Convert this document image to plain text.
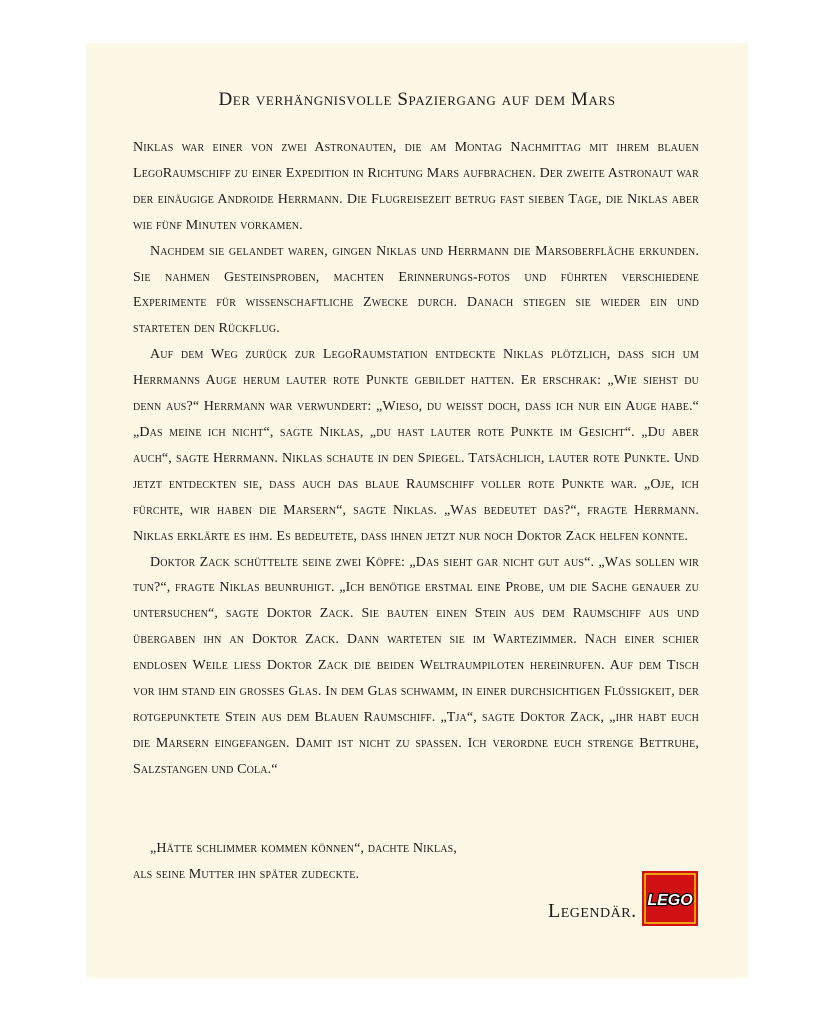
Der verhängnisvolle Spaziergang auf dem Mars

Niklas war einer von zwei Astronauten, die am Montag Nachmittag mit ihrem blauen LegoRaumschiff zu einer Expedition in Richtung Mars aufbrachen. Der zweite Astronaut war der einäugige Androide Herrmann. Die Flugreisezeit betrug fast sieben Tage, die Niklas aber wie fünf Minuten vorkamen.

Nachdem sie gelandet waren, gingen Niklas und Herrmann die Marsoberfläche erkunden. Sie nahmen Gesteinsproben, machten Erinnerungs-fotos und führten verschiedene Experimente für wissenschaftliche Zwecke durch. Danach stiegen sie wieder ein und starteten den Rückflug.

Auf dem Weg zurück zur LegoRaumstation entdeckte Niklas plötzlich, dass sich um Herrmanns Auge herum lauter rote Punkte gebildet hatten. Er erschrak: „Wie siehst du denn aus?“ Herrmann war verwundert: „Wieso, du weisst doch, dass ich nur ein Auge habe.“ „Das meine ich nicht“, sagte Niklas, „du hast lauter rote Punkte im Gesicht“. „Du aber auch“, sagte Herrmann. Niklas schaute in den Spiegel. Tatsächlich, lauter rote Punkte. Und jetzt entdeckten sie, dass auch das blaue Raumschiff voller rote Punkte war. „Oje, ich fürchte, wir haben die Marsern“, sagte Niklas. „Was bedeutet das?“, fragte Herrmann. Niklas erklärte es ihm. Es bedeutete, dass ihnen jetzt nur noch Doktor Zack helfen konnte.

Doktor Zack schüttelte seine zwei Köpfe: „Das sieht gar nicht gut aus“. „Was sollen wir tun?“, fragte Niklas beunruhigt. „Ich benötige erstmal eine Probe, um die Sache genauer zu untersuchen“, sagte Doktor Zack. Sie bauten einen Stein aus dem Raumschiff aus und übergaben ihn an Doktor Zack. Dann warteten sie im Wartezimmer. Nach einer schier endlosen Weile liess Doktor Zack die beiden Weltraumpiloten hereinrufen. Auf dem Tisch vor ihm stand ein grosses Glas. In dem Glas schwamm, in einer durchsichtigen Flüssigkeit, der rotgepunktete Stein aus dem Blauen Raumschiff. „Tja“, sagte Doktor Zack, „ihr habt euch die Marsern eingefangen. Damit ist nicht zu spassen. Ich verordne euch strenge Bettruhe, Salzstangen und Cola.“

„Hätte schlimmer kommen können“, dachte Niklas,
als seine Mutter ihn später zudeckte.
Legendär. LEGO
